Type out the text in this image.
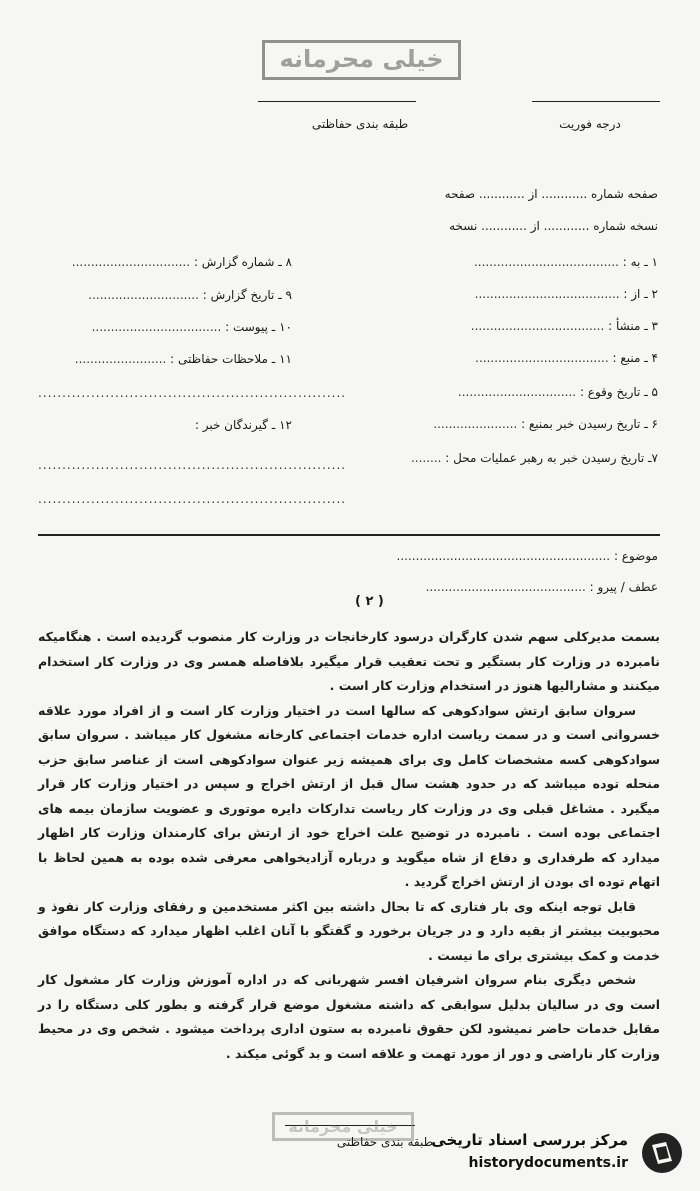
خیلی محرمانه
طبقه بندی حفاظتی	درجه فوریت
صفحه شماره ............ از ............ صفحه
نسخه شماره ............ از ............ نسخه
۱ ـ به : ......................................
۲ ـ از : ......................................
۳ ـ منشأ : ...................................
۴ ـ منبع : ...................................
۵ ـ تاریخ وقوع : ...............................
۶ ـ تاریخ رسیدن خبر بمنبع : ......................
۷ـ تاریخ رسیدن خبر به رهبر عملیات محل : ........
۸ ـ شماره گزارش : ...............................
۹ ـ تاریخ گزارش : .............................
۱۰ ـ پیوست : ..................................
۱۱ ـ ملاحظات حفاظتی : ........................
................................................................
۱۲ ـ گیرندگان خبر :
................................................................
................................................................
موضوع : ........................................................
عطف / پیرو : ..........................................
( ۲ )

بسمت مدیرکلی سهم شدن کارگران درسود کارخانجات در وزارت کار منصوب گردیده است . هنگامیکه نامبرده در وزارت کار بستگیر و تحت تعقیب قرار میگیرد بلافاصله همسر وی در وزارت کار استخدام میکنند و مشارالیها هنوز در استخدام وزارت کار است .

سروان سابق ارتش سوادکوهی که سالها است در اختیار وزارت کار است و از افراد مورد علاقه خسروانی است و در سمت ریاست اداره خدمات اجتماعی کارخانه مشغول کار میباشد . سروان سابق سوادکوهی کسه مشخصات کامل وی برای همیشه زیر عنوان سوادکوهی است از عناصر سابق حزب منحله توده میباشد که در حدود هشت سال قبل از ارتش اخراج و سپس در اختیار وزارت کار قرار میگیرد . مشاغل قبلی وی در وزارت کار ریاست تدارکات دایره موتوری و عضویت سازمان بیمه های اجتماعی بوده است . نامبرده در توضیح علت اخراج خود از ارتش برای کارمندان وزارت کار اظهار میدارد که طرفداری و دفاع از شاه میگوید و درباره آزادیخواهی معرفی شده بوده به همین لحاظ با اتهام توده ای بودن از ارتش اخراج گردید .

قابل توجه اینکه وی بار فتاری که تا بحال داشته بین اکثر مستخدمین و رفقای وزارت کار نفوذ و محبوبیت بیشتر از بقیه دارد و در جریان برخورد و گفتگو با آنان اغلب اظهار میدارد که دستگاه موافق خدمت و کمک بیشتری برای ما نیست .

شخص دیگری بنام سروان اشرفیان افسر شهربانی که در اداره آموزش وزارت کار مشغول کار است وی در سالیان بدلیل سوابقی که داشته مشغول موضع قرار گرفته و بطور کلی دستگاه را در مقابل خدمات حاضر نمیشود لکن حقوق نامبرده به ستون اداری پرداخت میشود . شخص وی در محیط وزارت کار ناراضی و دور از مورد تهمت و علاقه است و بد گوئی میکند .

خیلی محرمانه
طبقه بندی حفاظتی
مرکز بررسی اسناد تاریخی
historydocuments.ir
